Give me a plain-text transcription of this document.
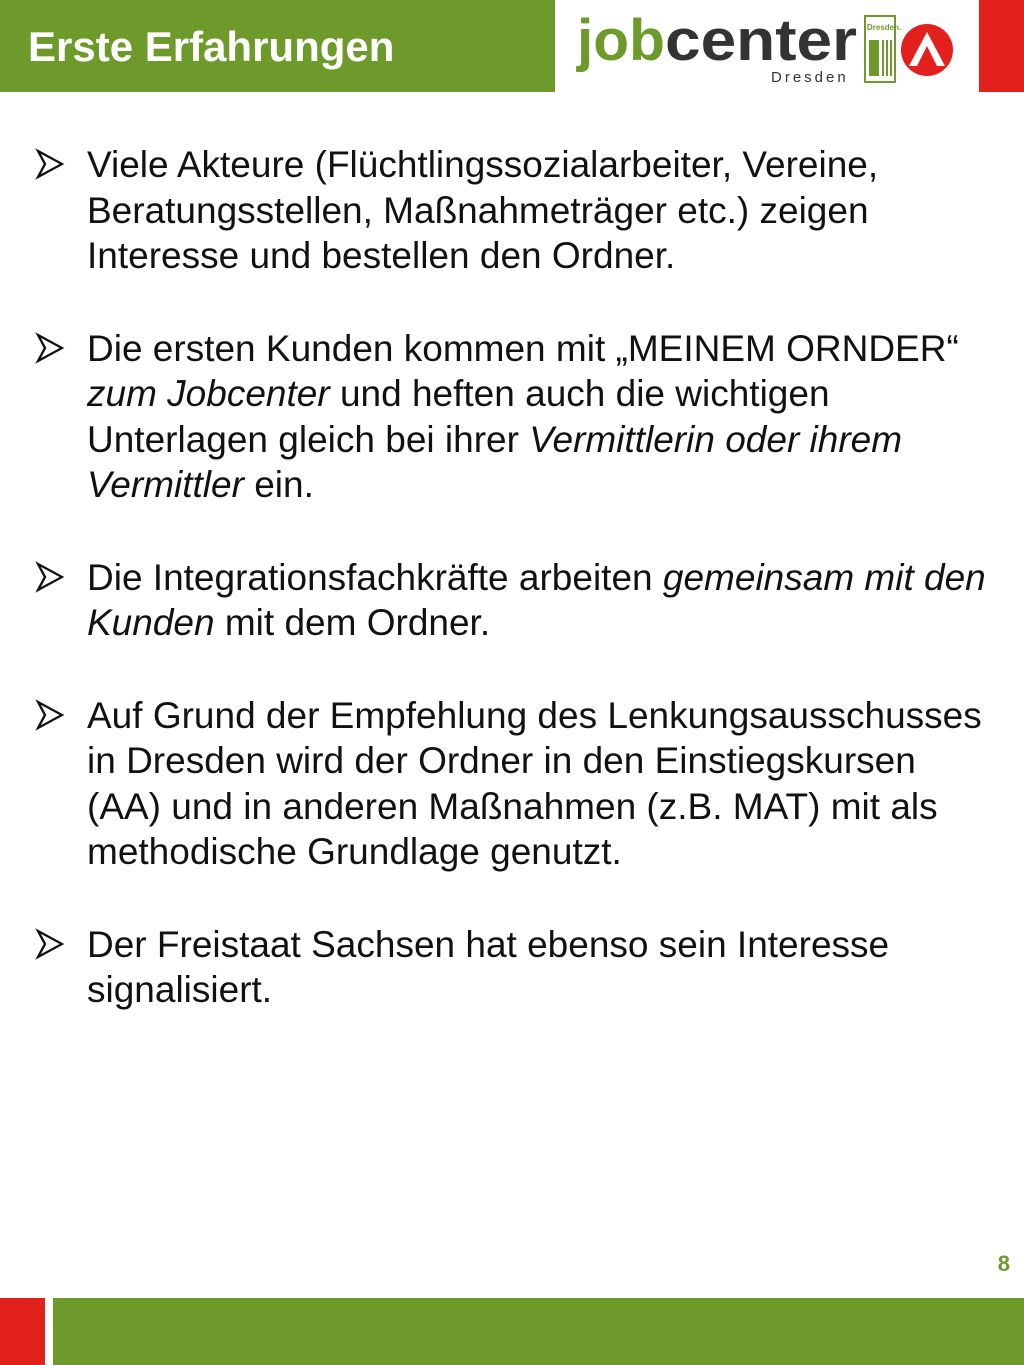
Erste Erfahrungen	job center
Dresden
Dresden.
Viele Akteure (Flüchtlingssozialarbeiter, Vereine, Beratungsstellen, Maßnahmeträger etc.) zeigen Interesse und bestellen den Ordner.
Die ersten Kunden kommen mit „MEINEM ORNDER“ zum Jobcenter und heften auch die wichtigen Unterlagen gleich bei ihrer Vermittlerin oder ihrem Vermittler ein.
Die Integrationsfachkräfte arbeiten gemeinsam mit den Kunden mit dem Ordner.
Auf Grund der Empfehlung des Lenkungsausschusses in Dresden wird der Ordner in den Einstiegskursen (AA) und in anderen Maßnahmen (z.B. MAT) mit als methodische Grundlage genutzt.
Der Freistaat Sachsen hat ebenso sein Interesse signalisiert.
8
